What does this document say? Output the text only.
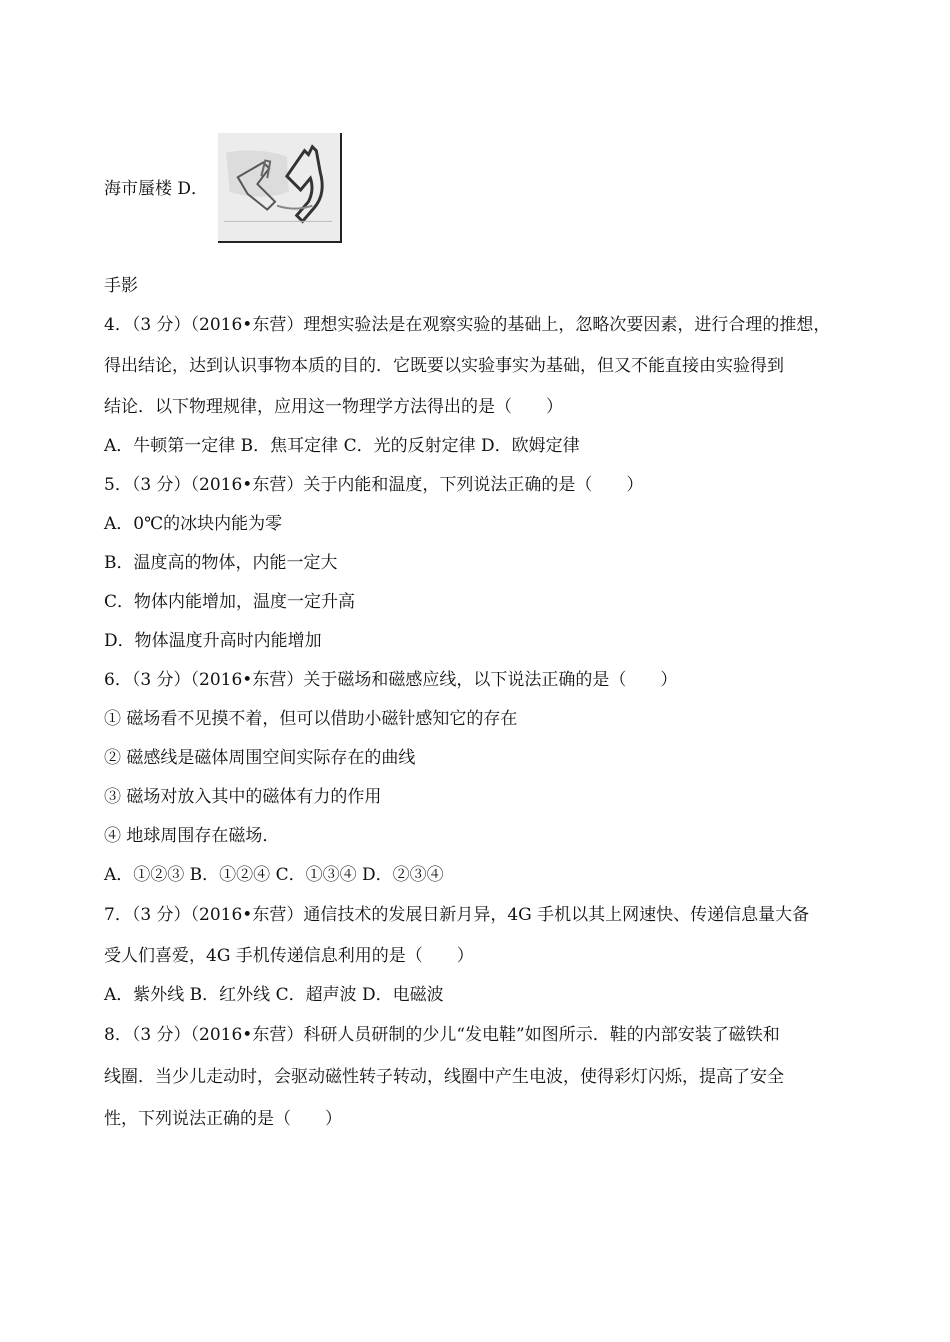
海市蜃楼 D．
手影
4．（3 分）（2016•东营）理想实验法是在观察实验的基础上，忽略次要因素，进行合理的推想，
得出结论，达到认识事物本质的目的．它既要以实验事实为基础，但又不能直接由实验得到
结论．以下物理规律，应用这一物理学方法得出的是（　　）
A．牛顿第一定律 B．焦耳定律 C．光的反射定律 D．欧姆定律
5．（3 分）（2016•东营）关于内能和温度，下列说法正确的是（　　）
A．0℃的冰块内能为零
B．温度高的物体，内能一定大
C．物体内能增加，温度一定升高
D．物体温度升高时内能增加
6．（3 分）（2016•东营）关于磁场和磁感应线，以下说法正确的是（　　）
① 磁场看不见摸不着，但可以借助小磁针感知它的存在
② 磁感线是磁体周围空间实际存在的曲线
③ 磁场对放入其中的磁体有力的作用
④ 地球周围存在磁场．
A．①②③ B．①②④ C．①③④ D．②③④
7．（3 分）（2016•东营）通信技术的发展日新月异，4G 手机以其上网速快、传递信息量大备
受人们喜爱，4G 手机传递信息利用的是（　　）
A．紫外线 B．红外线 C．超声波 D．电磁波
8．（3 分）（2016•东营）科研人员研制的少儿“发电鞋”如图所示．鞋的内部安装了磁铁和
线圈．当少儿走动时，会驱动磁性转子转动，线圈中产生电波，使得彩灯闪烁，提高了安全
性，下列说法正确的是（　　）
